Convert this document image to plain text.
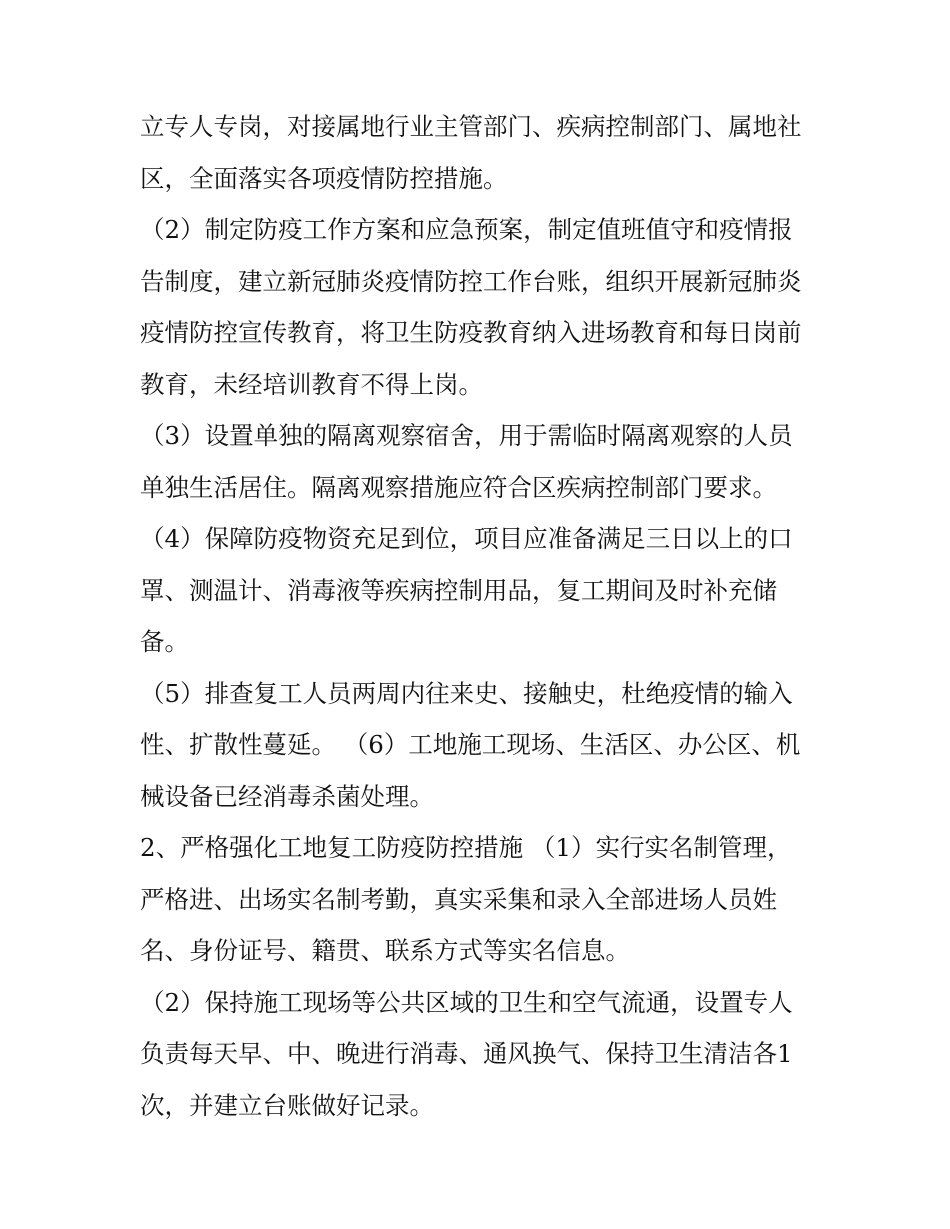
立专人专岗，对接属地行业主管部门、疾病控制部门、属地社
区，全面落实各项疫情防控措施。
（2）制定防疫工作方案和应急预案，制定值班值守和疫情报
告制度，建立新冠肺炎疫情防控工作台账，组织开展新冠肺炎
疫情防控宣传教育，将卫生防疫教育纳入进场教育和每日岗前
教育，未经培训教育不得上岗。
（3）设置单独的隔离观察宿舍，用于需临时隔离观察的人员
单独生活居住。隔离观察措施应符合区疾病控制部门要求。
（4）保障防疫物资充足到位，项目应准备满足三日以上的口
罩、测温计、消毒液等疾病控制用品，复工期间及时补充储
备。
（5）排查复工人员两周内往来史、接触史，杜绝疫情的输入
性、扩散性蔓延。 （6）工地施工现场、生活区、办公区、机
械设备已经消毒杀菌处理。
2、严格强化工地复工防疫防控措施 （1）实行实名制管理，
严格进、出场实名制考勤，真实采集和录入全部进场人员姓
名、身份证号、籍贯、联系方式等实名信息。
（2）保持施工现场等公共区域的卫生和空气流通，设置专人
负责每天早、中、晚进行消毒、通风换气、保持卫生清洁各1
次，并建立台账做好记录。
